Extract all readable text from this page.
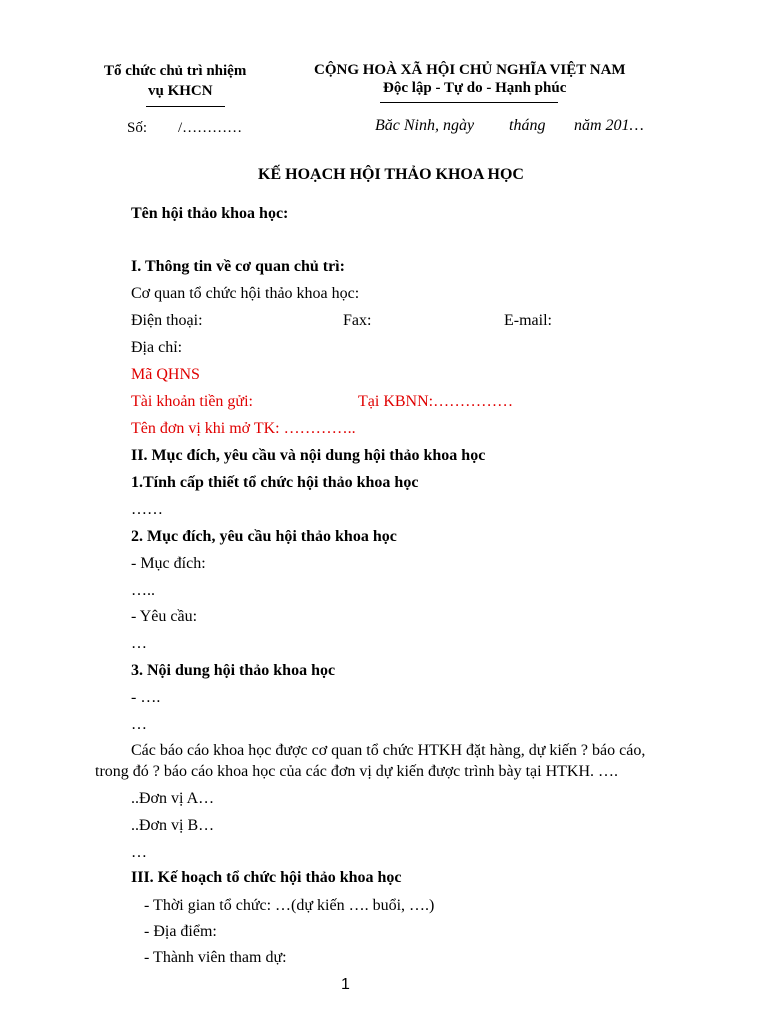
Tổ chức chủ trì nhiệm
vụ KHCN
CỘNG HOÀ XÃ HỘI CHỦ NGHĨA VIỆT NAM
Độc lập - Tự do - Hạnh phúc
Số: /…………	Băc Ninh, ngày tháng năm 201…
KẾ HOẠCH HỘI THẢO KHOA HỌC
Tên hội thảo khoa học:
I. Thông tin về cơ quan chủ trì:
Cơ quan tổ chức hội thảo khoa học:
Điện thoại:	Fax:	E-mail:
Địa chỉ:
Mã QHNS
Tài khoản tiền gửi:	Tại KBNN:……………
Tên đơn vị khi mở TK: …………..
II. Mục đích, yêu cầu và nội dung hội thảo khoa học
1.Tính cấp thiết tổ chức hội thảo khoa học
……
2. Mục đích, yêu cầu hội thảo khoa học
- Mục đích:
…..
- Yêu cầu:
…
3. Nội dung hội thảo khoa học
- ….
…
Các báo cáo khoa học được cơ quan tổ chức HTKH đặt hàng, dự kiến ? báo cáo,
trong đó ? báo cáo khoa học của các đơn vị dự kiến được trình bày tại HTKH. ….
..Đơn vị A…
..Đơn vị B…
…
III. Kế hoạch tổ chức hội thảo khoa học
- Thời gian tổ chức: …(dự kiến …. buổi, ….)
- Địa điểm:
- Thành viên tham dự:
1
